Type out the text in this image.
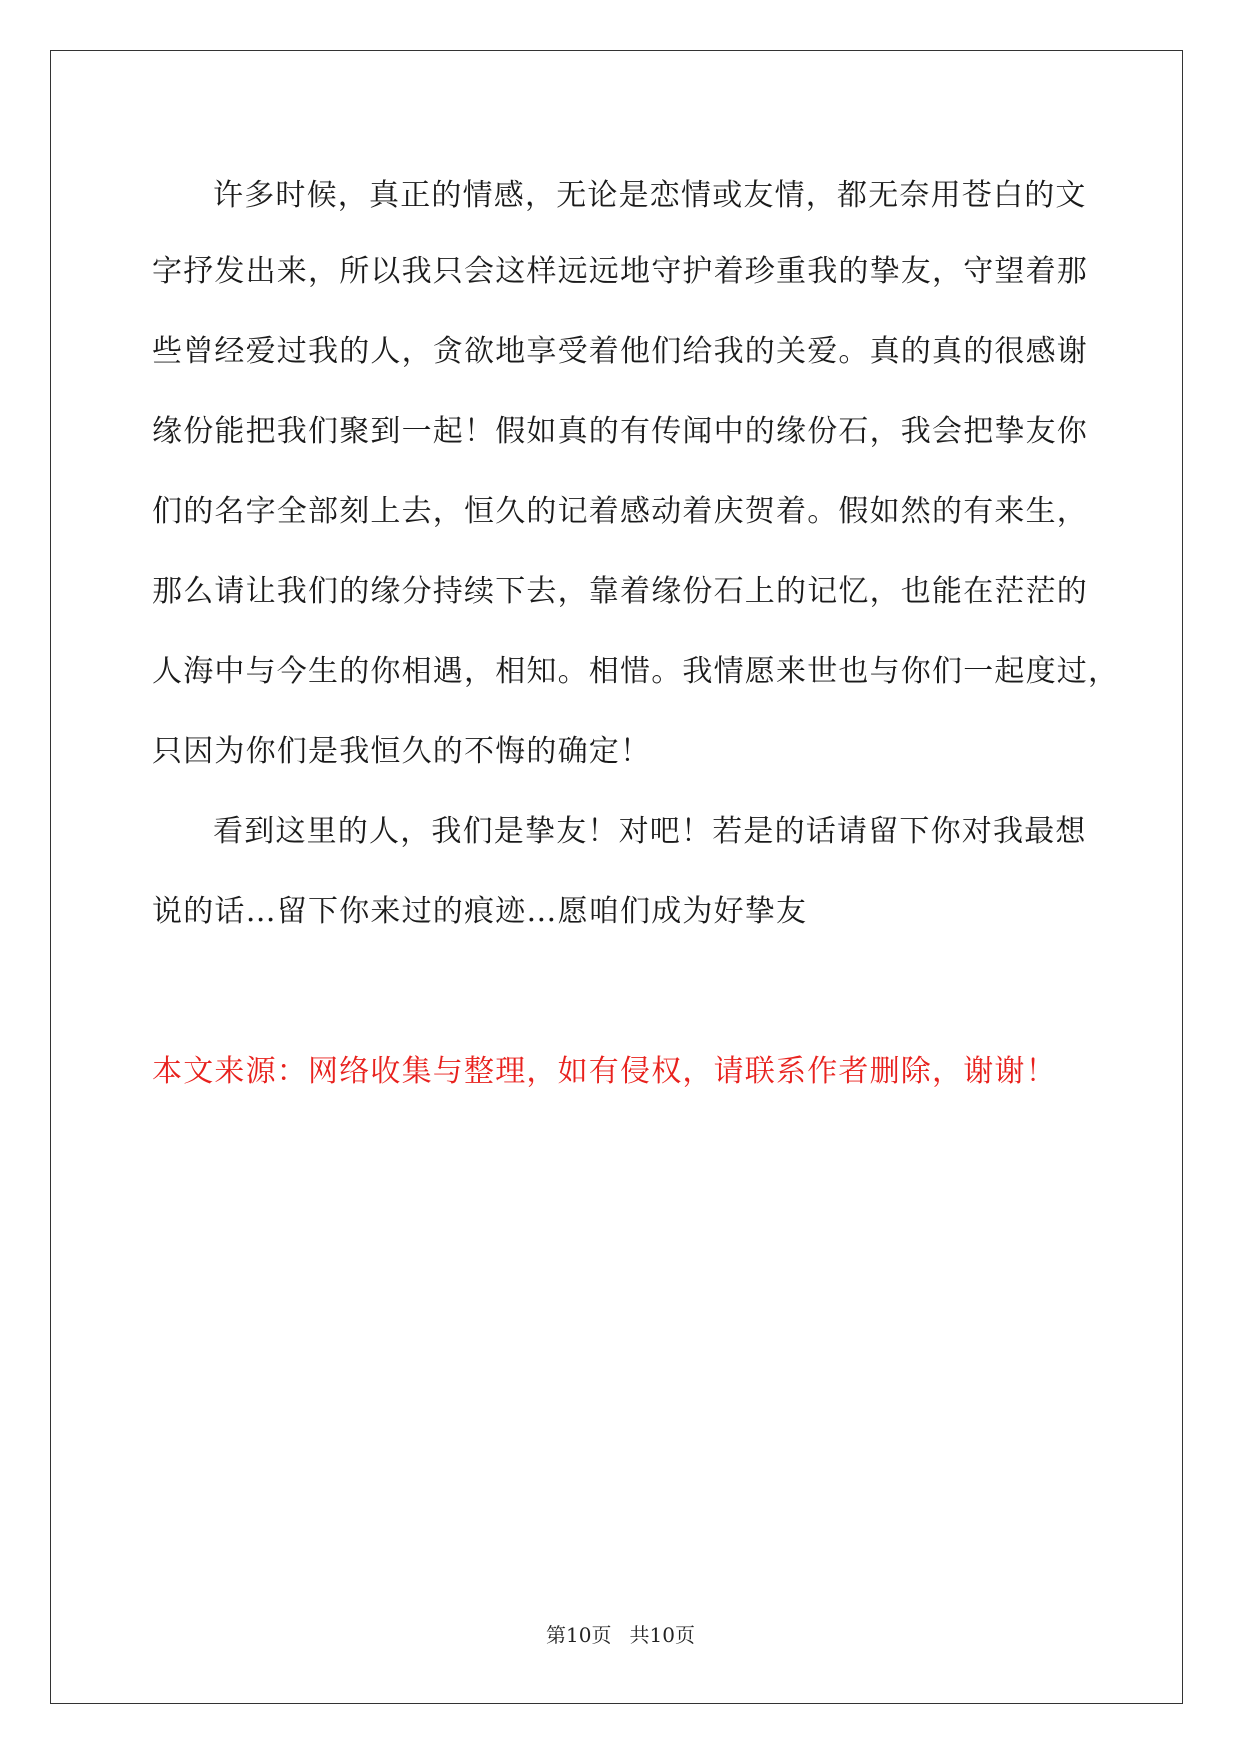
许多时候，真正的情感，无论是恋情或友情，都无奈用苍白的文
字抒发出来，所以我只会这样远远地守护着珍重我的挚友，守望着那
些曾经爱过我的人，贪欲地享受着他们给我的关爱。真的真的很感谢
缘份能把我们聚到一起！假如真的有传闻中的缘份石，我会把挚友你
们的名字全部刻上去，恒久的记着感动着庆贺着。假如然的有来生，
那么请让我们的缘分持续下去，靠着缘份石上的记忆，也能在茫茫的
人海中与今生的你相遇，相知。相惜。我情愿来世也与你们一起度过，
只因为你们是我恒久的不悔的确定！
看到这里的人，我们是挚友！对吧！若是的话请留下你对我最想
说的话…留下你来过的痕迹…愿咱们成为好挚友
本文来源：网络收集与整理，如有侵权，请联系作者删除，谢谢！
第10页 共10页
